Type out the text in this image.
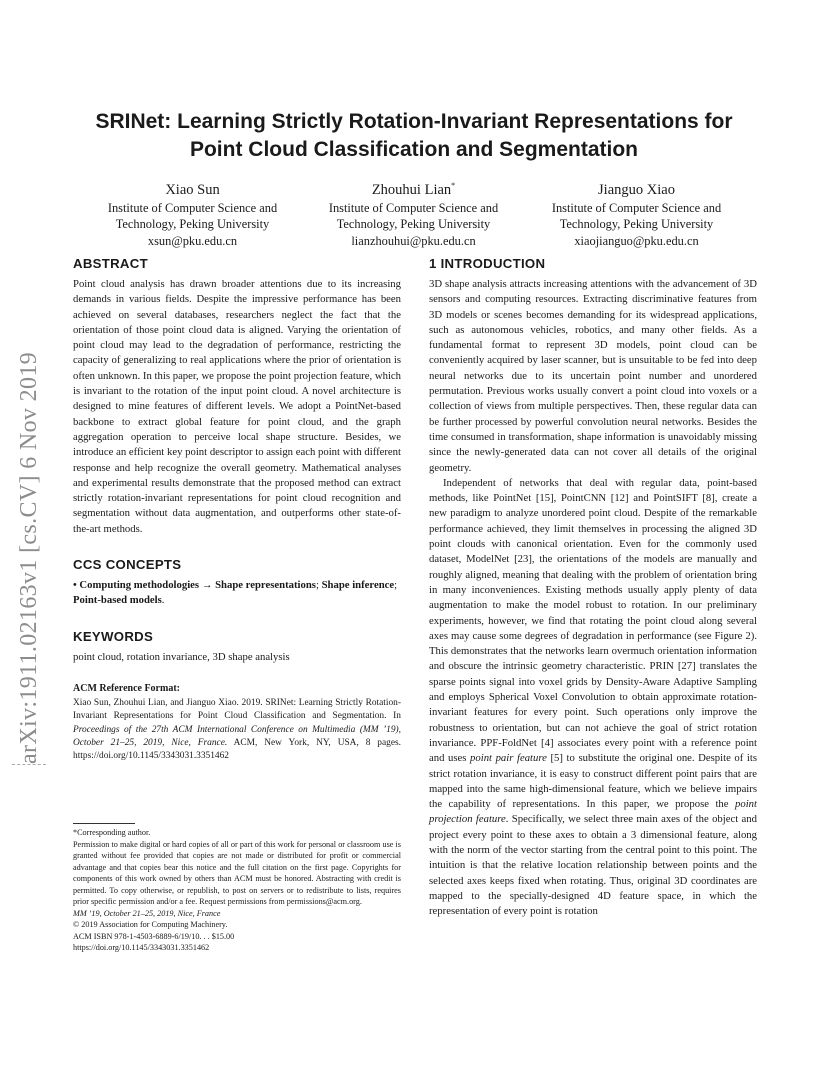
SRINet: Learning Strictly Rotation-Invariant Representations for
Point Cloud Classification and Segmentation
Xiao Sun
Institute of Computer Science and
Technology, Peking University
xsun@pku.edu.cn
Zhouhui Lian*
Institute of Computer Science and
Technology, Peking University
lianzhouhui@pku.edu.cn
Jianguo Xiao
Institute of Computer Science and
Technology, Peking University
xiaojianguo@pku.edu.cn
arXiv:1911.02163v1 [cs.CV] 6 Nov 2019
ABSTRACT

Point cloud analysis has drawn broader attentions due to its increasing demands in various fields. Despite the impressive performance has been achieved on several databases, researchers neglect the fact that the orientation of those point cloud data is aligned. Varying the orientation of point cloud may lead to the degradation of performance, restricting the capacity of generalizing to real applications where the prior of orientation is often unknown. In this paper, we propose the point projection feature, which is invariant to the rotation of the input point cloud. A novel architecture is designed to mine features of different levels. We adopt a PointNet-based backbone to extract global feature for point cloud, and the graph aggregation operation to perceive local shape structure. Besides, we introduce an efficient key point descriptor to assign each point with different response and help recognize the overall geometry. Mathematical analyses and experimental results demonstrate that the proposed method can extract strictly rotation-invariant representations for point cloud recognition and segmentation without data augmentation, and outperforms other state-of-the-art methods.

CCS CONCEPTS

• Computing methodologies → Shape representations; Shape inference; Point-based models.

KEYWORDS

point cloud, rotation invariance, 3D shape analysis

ACM Reference Format:

Xiao Sun, Zhouhui Lian, and Jianguo Xiao. 2019. SRINet: Learning Strictly Rotation-Invariant Representations for Point Cloud Classification and Segmentation. In Proceedings of the 27th ACM International Conference on Multimedia (MM ’19), October 21–25, 2019, Nice, France. ACM, New York, NY, USA, 8 pages. https://doi.org/10.1145/3343031.3351462

*Corresponding author.

Permission to make digital or hard copies of all or part of this work for personal or classroom use is granted without fee provided that copies are not made or distributed for profit or commercial advantage and that copies bear this notice and the full citation on the first page. Copyrights for components of this work owned by others than ACM must be honored. Abstracting with credit is permitted. To copy otherwise, or republish, to post on servers or to redistribute to lists, requires prior specific permission and/or a fee. Request permissions from permissions@acm.org.

MM ’19, October 21–25, 2019, Nice, France

© 2019 Association for Computing Machinery.

ACM ISBN 978-1-4503-6889-6/19/10. . . $15.00

https://doi.org/10.1145/3343031.3351462

1 INTRODUCTION

3D shape analysis attracts increasing attentions with the advancement of 3D sensors and computing resources. Extracting discriminative features from 3D models or scenes becomes demanding for its widespread applications, such as autonomous vehicles, robotics, and many other fields. As a fundamental format to represent 3D models, point cloud can be conveniently acquired by laser scanner, but is unsuitable to be fed into deep neural networks due to its uncertain point number and unordered permutation. Previous works usually convert a point cloud into voxels or a collection of views from multiple perspectives. Then, these regular data can be further processed by powerful convolution neural networks. Besides the time consumed in transformation, shape information is unavoidably missing since the newly-generated data can not cover all details of the original geometry.

Independent of networks that deal with regular data, point-based methods, like PointNet [15], PointCNN [12] and PointSIFT [8], create a new paradigm to analyze unordered point cloud. Despite of the remarkable performance achieved, they limit themselves in processing the aligned 3D point clouds with canonical orientation. Even for the commonly used dataset, ModelNet [23], the orientations of the models are manually and roughly aligned, meaning that dealing with the problem of orientation bring in many inconveniences. Existing methods usually apply plenty of data augmentation to make the model robust to rotation. In our preliminary experiments, however, we find that rotating the point cloud along several axes may cause some degrees of degradation in performance (see Figure 2). This demonstrates that the networks learn overmuch orientation information and obscure the intrinsic geometry characteristic. PRIN [27] translates the sparse points signal into voxel grids by Density-Aware Adaptive Sampling and employs Spherical Voxel Convolution to obtain approximate rotation-invariant features for every point. Such operations only improve the robustness to orientation, but can not achieve the goal of strict rotation invariance. PPF-FoldNet [4] associates every point with a reference point and uses point pair feature [5] to substitute the original one. Despite of its strict rotation invariance, it is easy to construct different point pairs that are mapped into the same high-dimensional feature, which we believe impairs the capability of representations. In this paper, we propose the point projection feature. Specifically, we select three main axes of the object and project every point to these axes to obtain a 3 dimensional feature, along with the norm of the vector starting from the central point to this point. The intuition is that the relative location relationship between points and the selected axes keeps fixed when rotating. Thus, original 3D coordinates are mapped to the specially-designed 4D feature space, in which the representation of every point is rotation
